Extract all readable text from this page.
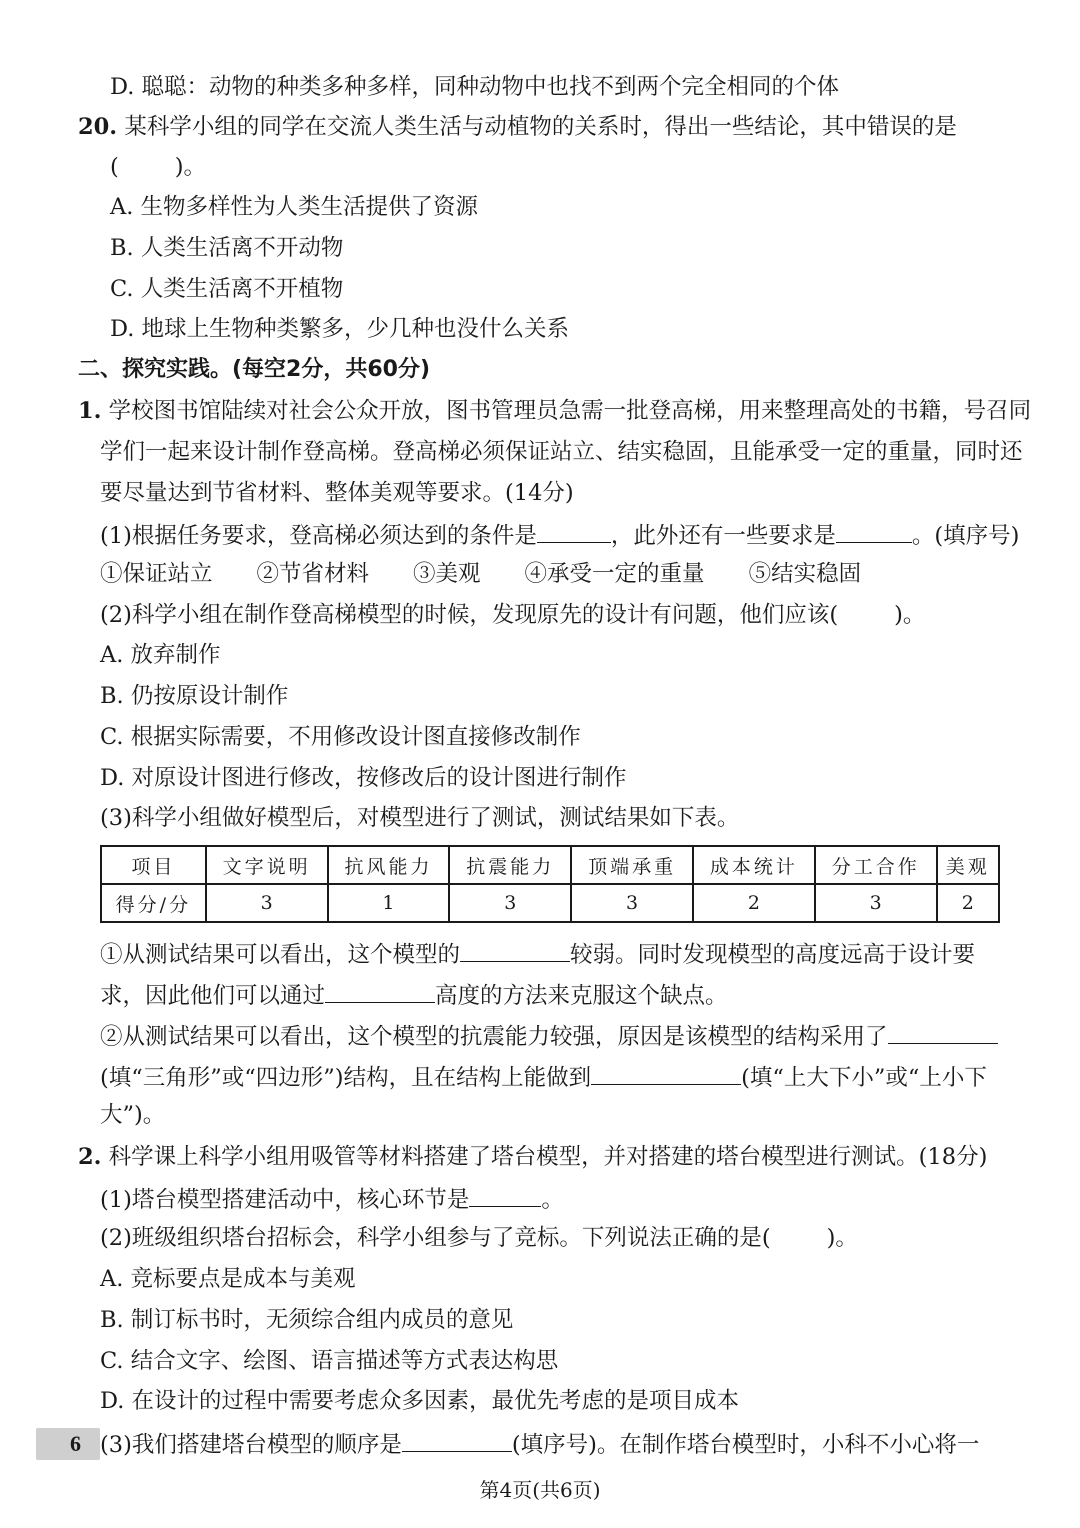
D. 聪聪：动物的种类多种多样，同种动物中也找不到两个完全相同的个体
20. 某科学小组的同学在交流人类生活与动植物的关系时，得出一些结论，其中错误的是
( )。
A. 生物多样性为人类生活提供了资源
B. 人类生活离不开动物
C. 人类生活离不开植物
D. 地球上生物种类繁多，少几种也没什么关系
二、探究实践。(每空2分，共60分)
1. 学校图书馆陆续对社会公众开放，图书管理员急需一批登高梯，用来整理高处的书籍，号召同
学们一起来设计制作登高梯。登高梯必须保证站立、结实稳固，且能承受一定的重量，同时还
要尽量达到节省材料、整体美观等要求。(14分)
(1)根据任务要求，登高梯必须达到的条件是	，此外还有一些要求是	。(填序号)
①保证站立 ②节省材料 ③美观 ④承受一定的重量 ⑤结实稳固
(2)科学小组在制作登高梯模型的时候，发现原先的设计有问题，他们应该( )。
A. 放弃制作
B. 仍按原设计制作
C. 根据实际需要，不用修改设计图直接修改制作
D. 对原设计图进行修改，按修改后的设计图进行制作
(3)科学小组做好模型后，对模型进行了测试，测试结果如下表。
项目	文字说明	抗风能力	抗震能力	顶端承重	成本统计	分工合作	美观
得分/分	3	1	3	3	2	3	2
①从测试结果可以看出，这个模型的	较弱。同时发现模型的高度远高于设计要
求，因此他们可以通过	高度的方法来克服这个缺点。
②从测试结果可以看出，这个模型的抗震能力较强，原因是该模型的结构采用了
(填“三角形”或“四边形”)结构，且在结构上能做到	(填“上大下小”或“上小下
大”)。
2. 科学课上科学小组用吸管等材料搭建了塔台模型，并对搭建的塔台模型进行测试。(18分)
(1)塔台模型搭建活动中，核心环节是	。
(2)班级组织塔台招标会，科学小组参与了竞标。下列说法正确的是( )。
A. 竞标要点是成本与美观
B. 制订标书时，无须综合组内成员的意见
C. 结合文字、绘图、语言描述等方式表达构思
D. 在设计的过程中需要考虑众多因素，最优先考虑的是项目成本
(3)我们搭建塔台模型的顺序是	(填序号)。在制作塔台模型时，小科不小心将一
6
第4页(共6页)
